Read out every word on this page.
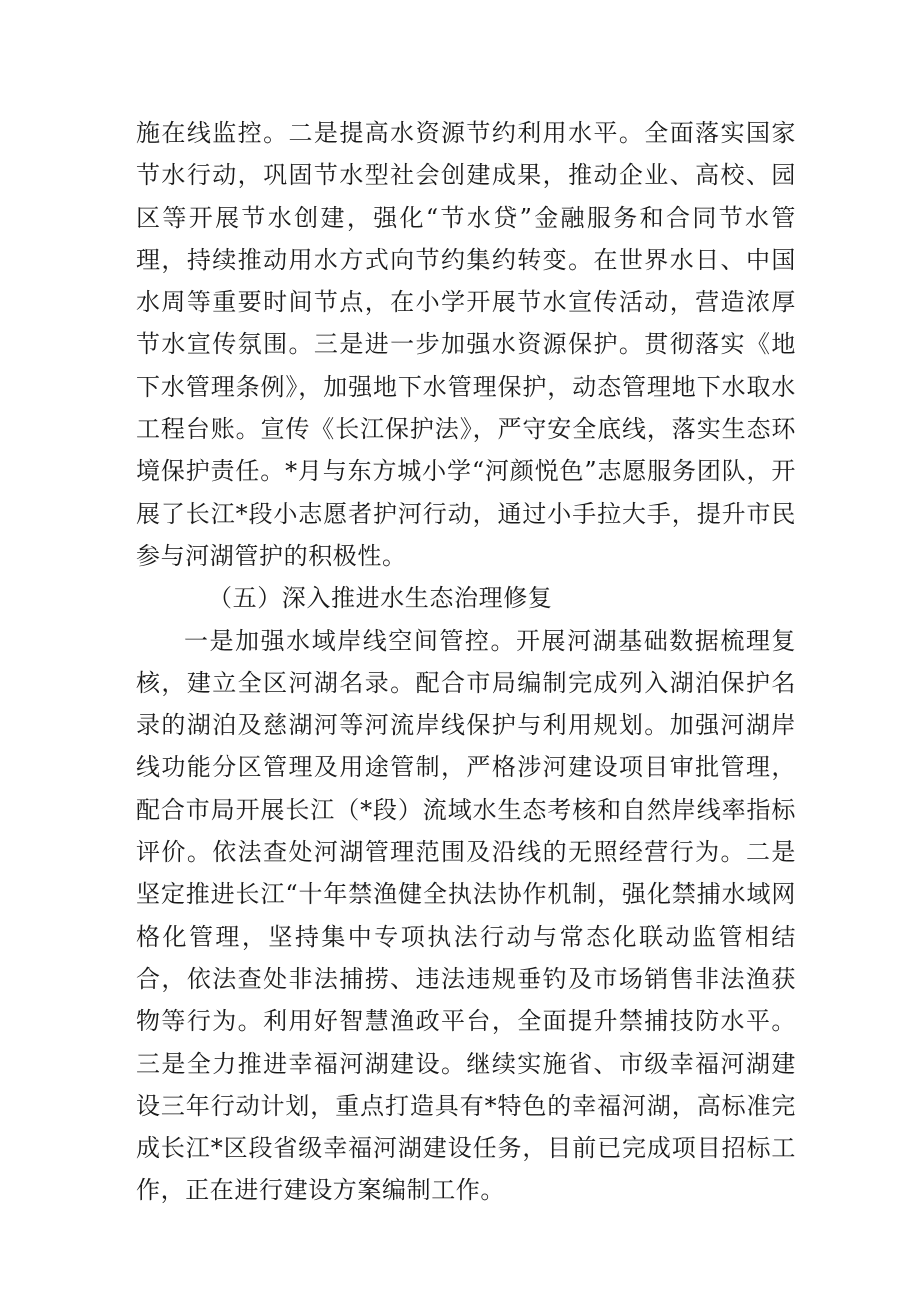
施在线监控。二是提高水资源节约利用水平。全面落实国家节水行动，巩固节水型社会创建成果，推动企业、高校、园区等开展节水创建，强化“节水贷”金融服务和合同节水管理，持续推动用水方式向节约集约转变。在世界水日、中国水周等重要时间节点，在小学开展节水宣传活动，营造浓厚节水宣传氛围。三是进一步加强水资源保护。贯彻落实《地下水管理条例》，加强地下水管理保护，动态管理地下水取水工程台账。宣传《长江保护法》，严守安全底线，落实生态环境保护责任。*月与东方城小学“河颜悦色”志愿服务团队，开展了长江*段小志愿者护河行动，通过小手拉大手，提升市民参与河湖管护的积极性。

（五）深入推进水生态治理修复

一是加强水域岸线空间管控。开展河湖基础数据梳理复核，建立全区河湖名录。配合市局编制完成列入湖泊保护名录的湖泊及慈湖河等河流岸线保护与利用规划。加强河湖岸线功能分区管理及用途管制，严格涉河建设项目审批管理，配合市局开展长江（*段）流域水生态考核和自然岸线率指标评价。依法查处河湖管理范围及沿线的无照经营行为。二是坚定推进长江“十年禁渔健全执法协作机制，强化禁捕水域网格化管理，坚持集中专项执法行动与常态化联动监管相结合，依法查处非法捕捞、违法违规垂钓及市场销售非法渔获物等行为。利用好智慧渔政平台，全面提升禁捕技防水平。三是全力推进幸福河湖建设。继续实施省、市级幸福河湖建设三年行动计划，重点打造具有*特色的幸福河湖，高标准完成长江*区段省级幸福河湖建设任务，目前已完成项目招标工作，正在进行建设方案编制工作。
